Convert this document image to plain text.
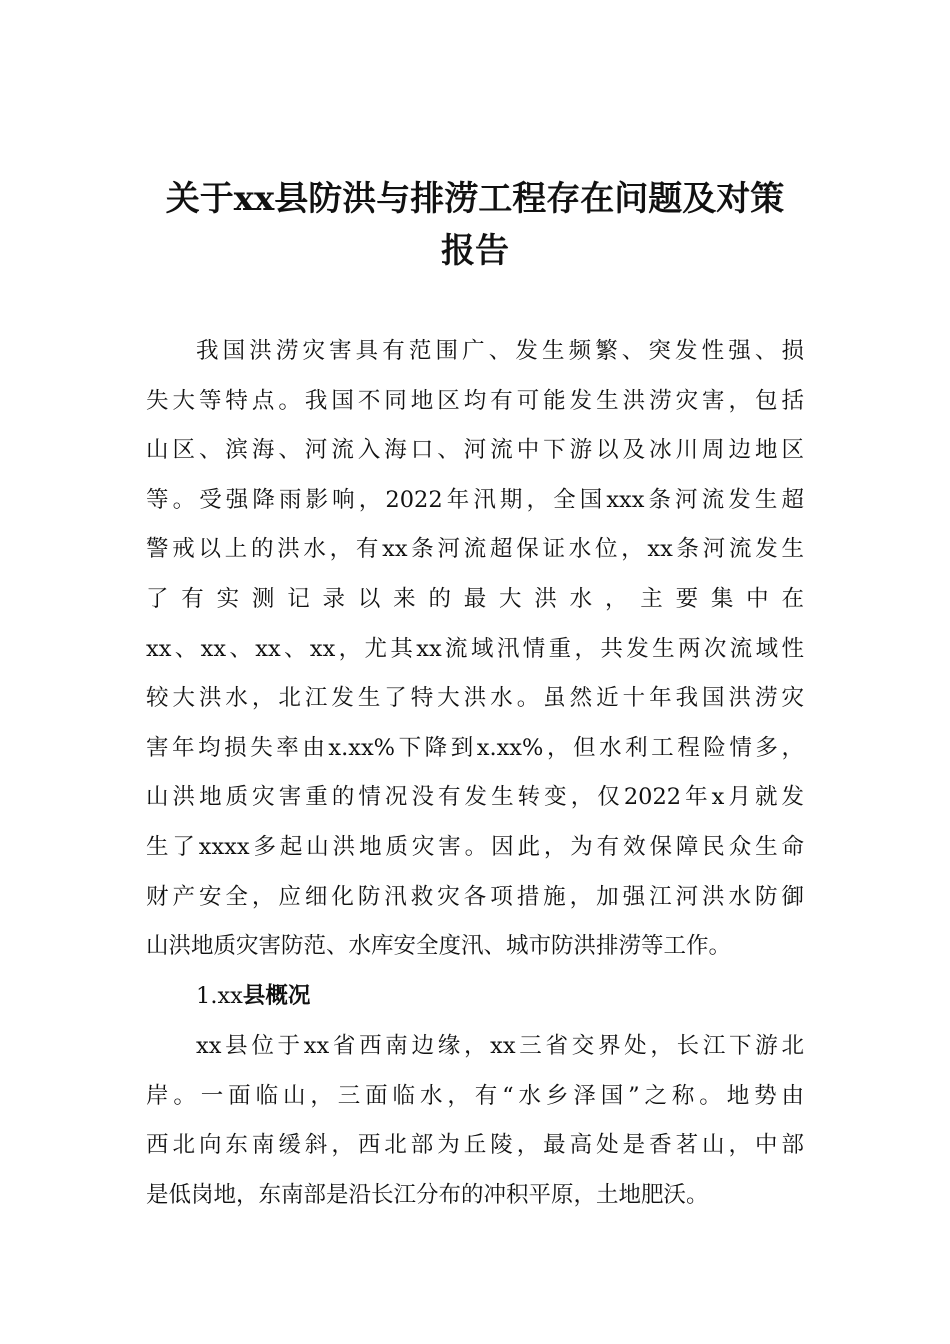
关于xx县防洪与排涝工程存在问题及对策
报告
我国洪涝灾害具有范围广、发生频繁、突发性强、损
失大等特点。我国不同地区均有可能发生洪涝灾害，包括
山区、滨海、河流入海口、河流中下游以及冰川周边地区
等。受强降雨影响，2022年汛期，全国xxx条河流发生超
警戒以上的洪水，有xx条河流超保证水位，xx条河流发生
了有实测记录以来的最大洪水，主要集中在
xx、xx、xx、xx，尤其xx流域汛情重，共发生两次流域性
较大洪水，北江发生了特大洪水。虽然近十年我国洪涝灾
害年均损失率由x.xx%下降到x.xx%，但水利工程险情多，
山洪地质灾害重的情况没有发生转变，仅2022年x月就发
生了xxxx多起山洪地质灾害。因此，为有效保障民众生命
财产安全，应细化防汛救灾各项措施，加强江河洪水防御
山洪地质灾害防范、水库安全度汛、城市防洪排涝等工作。
1.xx县概况
xx县位于xx省西南边缘，xx三省交界处，长江下游北
岸。一面临山，三面临水，有“水乡泽国”之称。地势由
西北向东南缓斜，西北部为丘陵，最高处是香茗山，中部
是低岗地，东南部是沿长江分布的冲积平原，土地肥沃。
